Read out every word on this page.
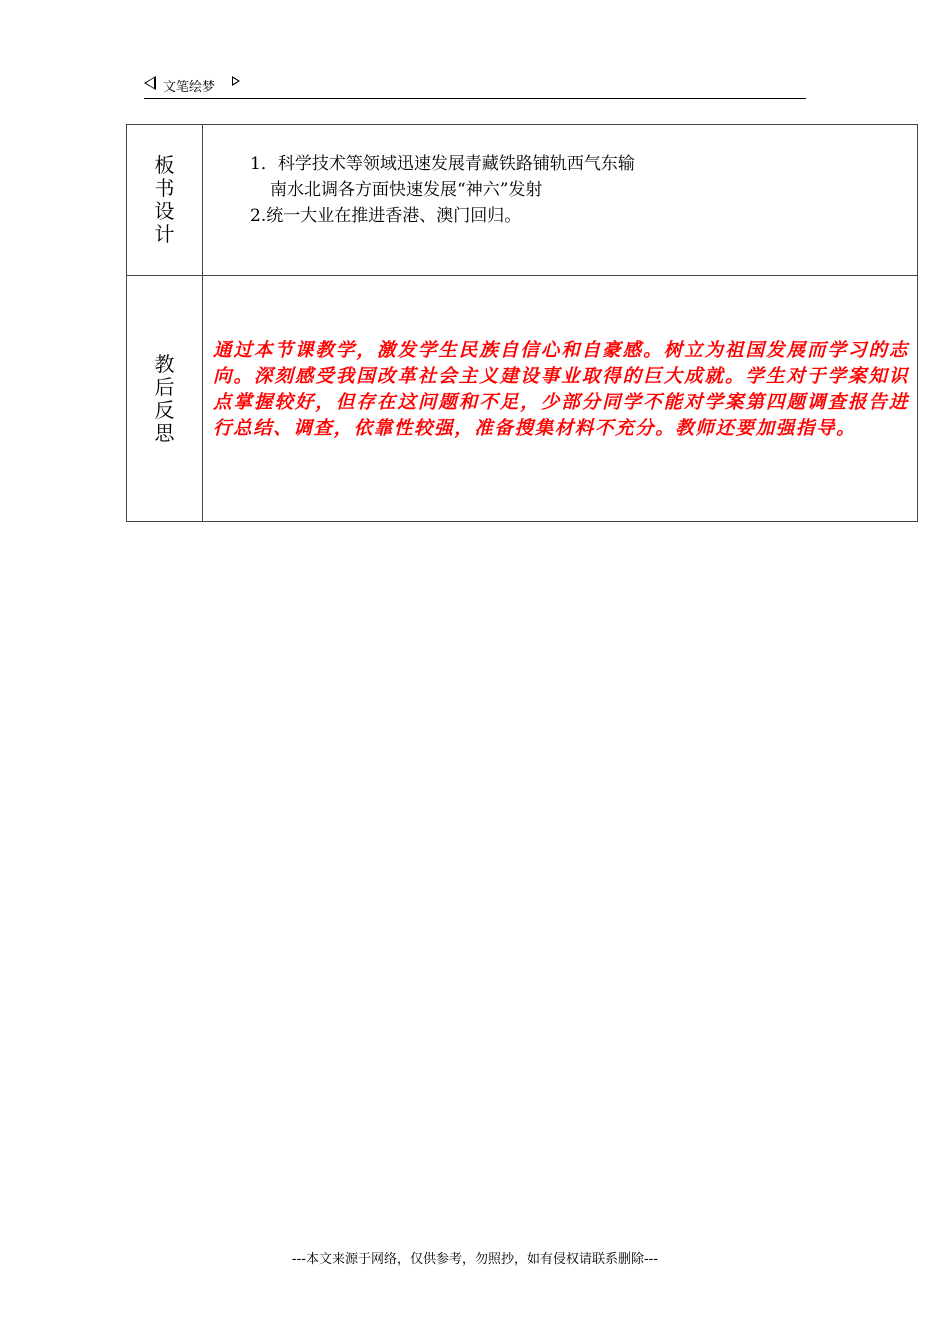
文笔绘梦
板书设计	1．科学技术等领域迅速发展青藏铁路铺轨西气东输
南水北调各方面快速发展“神六”发射
2.统一大业在推进香港、澳门回归。

教后反思	通过本节课教学，激发学生民族自信心和自豪感。树立为祖国发展而学习的志向。深刻感受我国改革社会主义建设事业取得的巨大成就。学生对于学案知识点掌握较好，但存在这问题和不足，少部分同学不能对学案第四题调查报告进行总结、调查，依靠性较强，准备搜集材料不充分。教师还要加强指导。
---本文来源于网络，仅供参考，勿照抄，如有侵权请联系删除---
